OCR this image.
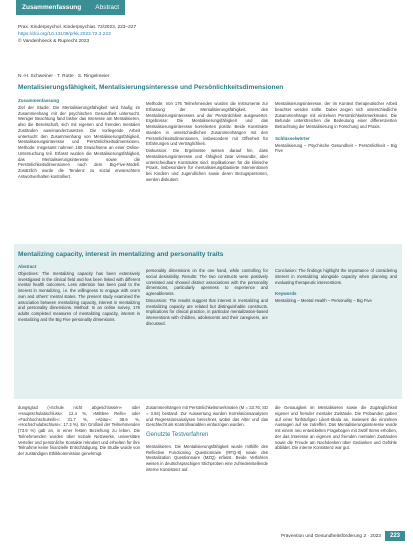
Zusammenfassung Abstract
Prax. Kinderpsychol. Kinderpsychiat. 72/2023, 223–227
https://doi.org/10.13109/prkk.2023.72.3.223
© Vandenhoeck & Ruprecht 2023
N.-H. Schweiner · T. Rutte · S. Ringelmeier
Mentalisierungsfähigkeit, Mentalisierungsinteresse und Persönlichkeitsdimensionen
Zusammenfassung

Ziel der Studie: Die Mentalisierungsfähigkeit wird häufig im Zusammenhang mit der psychischen Gesundheit untersucht. Weniger Beachtung fand bisher das Interesse am Mentalisieren, also die Bereitschaft, sich mit eigenen und fremden mentalen Zuständen auseinanderzusetzen. Die vorliegende Arbeit untersucht den Zusammenhang von Mentalisierungsfähigkeit, Mentalisierungsinteresse und Persönlichkeitsdimensionen. Methode: Insgesamt nahmen 180 Erwachsene an einer Online-Untersuchung teil. Erfasst wurden die Mentalisierungsfähigkeit, das Mentalisierungsinteresse sowie die Persönlichkeitsdimensionen nach dem Big-Five-Modell. Zusätzlich wurde die Tendenz zu sozial erwünschtem Antwortverhalten kontrolliert.

Methode: Von 176 Teilnehmenden wurden die Instrumente zur Erfassung der Mentalisierungsfähigkeit, des Mentalisierungsinteresses und der Persönlichkeit ausgewertet. Ergebnisse: Die Mentalisierungsfähigkeit und das Mentalisierungsinteresse korrelierten positiv. Beide Konstrukte standen in unterschiedlichen Zusammenhängen mit den Persönlichkeitsdimensionen, insbesondere mit Offenheit für Erfahrungen und Verträglichkeit.

Diskussion: Die Ergebnisse weisen darauf hin, dass Mentalisierungsinteresse und -fähigkeit zwar verwandte, aber unterscheidbare Konstrukte sind. Implikationen für die klinische Praxis, insbesondere für mentalisierungsbasierte Interventionen bei Kindern und Jugendlichen sowie deren Bezugspersonen, werden diskutiert.

Mentalisierungsinteresse, der im Kontext therapeutischer Arbeit beachtet werden sollte. Dabei zeigen sich unterschiedliche Zusammenhänge mit einzelnen Persönlichkeitsmerkmalen. Die Befunde unterstreichen die Bedeutung einer differenzierten Betrachtung der Mentalisierung in Forschung und Praxis.

Schlüsselwörter

Mentalisierung – Psychische Gesundheit – Persönlichkeit – Big Five

Mentalizing capacity, interest in mentalizing and personality traits
Abstract

Objectives: The mentalizing capacity has been extensively investigated in the clinical field and has been linked with different mental health outcomes. Less attention has been paid to the interest in mentalizing, i.e. the willingness to engage with one's own and others' mental states. The present study examined the association between mentalizing capacity, interest in mentalizing and personality dimensions. Method: In an online survey, 176 adults completed measures of mentalizing capacity, interest in mentalizing and the Big Five personality dimensions.

personality dimensions on the one hand, while controlling for social desirability. Results: The two constructs were positively correlated and showed distinct associations with the personality dimensions, particularly openness to experience and agreeableness.

Discussion: The results suggest that interest in mentalizing and mentalizing capacity are related but distinguishable constructs. Implications for clinical practice, in particular mentalization-based interventions with children, adolescents and their caregivers, are discussed.

Conclusion: The findings highlight the importance of considering interest in mentalizing alongside capacity when planning and evaluating therapeutic interventions.

Keywords

Mentalizing – Mental Health – Personality – Big Five

dungsgrad (»Schule nicht abgeschlossen« oder »Hauptschulabschluss«: 12.4 %, »Mittlere Reife« oder »Fachhochschulreife«: 31.7 %, »Abitur«: 38.6 %, »Hochschulabschluss«: 17.3 %). Ein Großteil der Teilnehmenden (73.9 %) gab an, in einer festen Beziehung zu leben. Die Teilnehmenden wurden über soziale Netzwerke, universitäre Verteiler und persönliche Kontakte rekrutiert und erhielten für ihre Teilnahme keine finanzielle Entschädigung. Die Studie wurde von der zuständigen Ethikkommission genehmigt.

Zusammenhängen mit Persönlichkeitsmerkmalen (M = 23.76; SD = 3.84) bestand. Zur Auswertung wurden Korrelationsanalysen und Regressionsanalysen berechnet, wobei das Alter und das Geschlecht als Kontrollvariablen einbezogen wurden.

Genutzte Testverfahren

Mentalisieren. Die Mentalisierungsfähigkeit wurde mithilfe des Reflective Functioning Questionnaire (RFQ-8) sowie des Mentalization Questionnaire (MZQ) erfasst. Beide Verfahren weisen in deutschsprachigen Stichproben eine zufriedenstellende interne Konsistenz auf.

die Genauigkeit im Mentalisieren sowie die Zugänglichkeit eigener und fremder mentaler Zustände. Die Probanden gaben auf einer fünfstufigen Likert-Skala an, inwieweit die einzelnen Aussagen auf sie zutreffen. Das Mentalisierungsinteresse wurde mit einem neu entwickelten Fragebogen mit zwölf Items erhoben, der das Interesse an eigenen und fremden mentalen Zuständen sowie die Freude am Nachdenken über Gedanken und Gefühle abbildet. Die interne Konsistenz war gut.

Prävention und Gesundheitsförderung 2 · 2023	223
